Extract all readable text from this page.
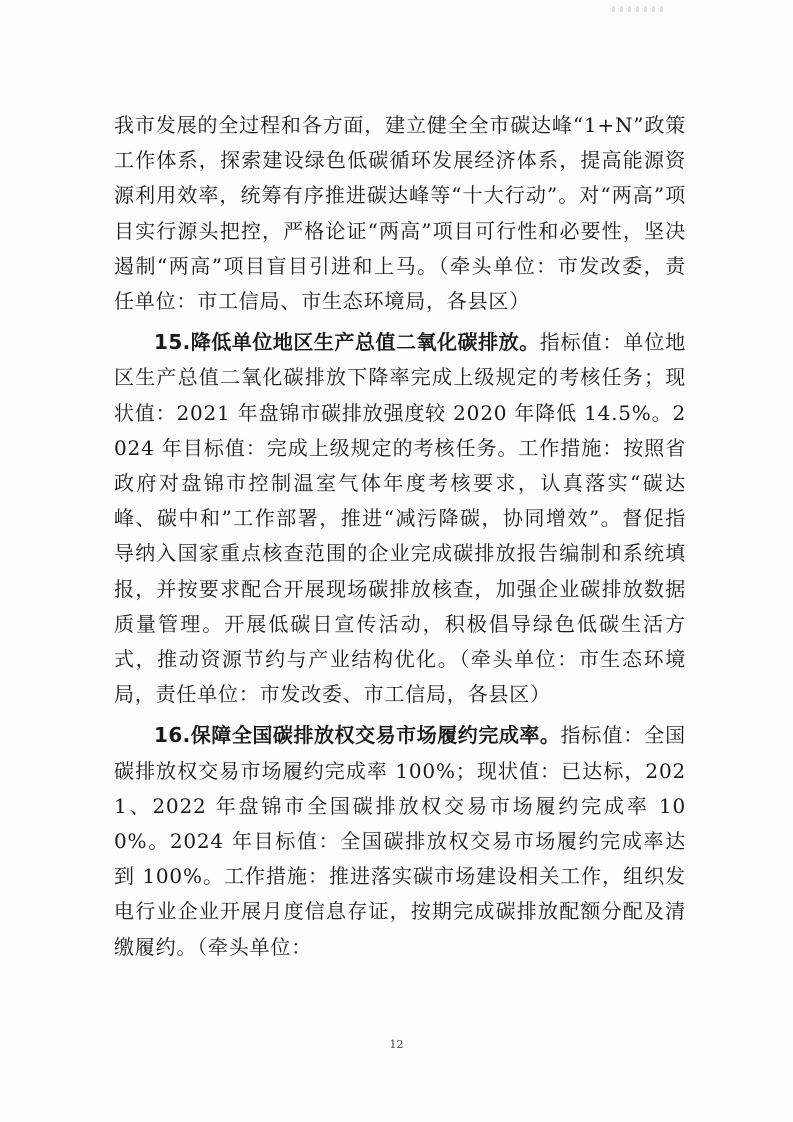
我市发展的全过程和各方面，建立健全全市碳达峰“1+N”政策工作体系，探索建设绿色低碳循环发展经济体系，提高能源资源利用效率，统筹有序推进碳达峰等“十大行动”。对“两高”项目实行源头把控，严格论证“两高”项目可行性和必要性，坚决遏制“两高”项目盲目引进和上马。（牵头单位：市发改委，责任单位：市工信局、市生态环境局，各县区）

15.降低单位地区生产总值二氧化碳排放。指标值：单位地区生产总值二氧化碳排放下降率完成上级规定的考核任务；现状值：2021 年盘锦市碳排放强度较 2020 年降低 14.5%。2024 年目标值：完成上级规定的考核任务。工作措施：按照省政府对盘锦市控制温室气体年度考核要求，认真落实“碳达峰、碳中和”工作部署，推进“减污降碳，协同增效”。督促指导纳入国家重点核查范围的企业完成碳排放报告编制和系统填报，并按要求配合开展现场碳排放核查，加强企业碳排放数据质量管理。开展低碳日宣传活动，积极倡导绿色低碳生活方式，推动资源节约与产业结构优化。（牵头单位：市生态环境局，责任单位：市发改委、市工信局，各县区）

16.保障全国碳排放权交易市场履约完成率。指标值：全国碳排放权交易市场履约完成率 100%；现状值：已达标，2021、2022 年盘锦市全国碳排放权交易市场履约完成率 100%。2024 年目标值：全国碳排放权交易市场履约完成率达到 100%。工作措施：推进落实碳市场建设相关工作，组织发电行业企业开展月度信息存证，按期完成碳排放配额分配及清缴履约。（牵头单位：

12
